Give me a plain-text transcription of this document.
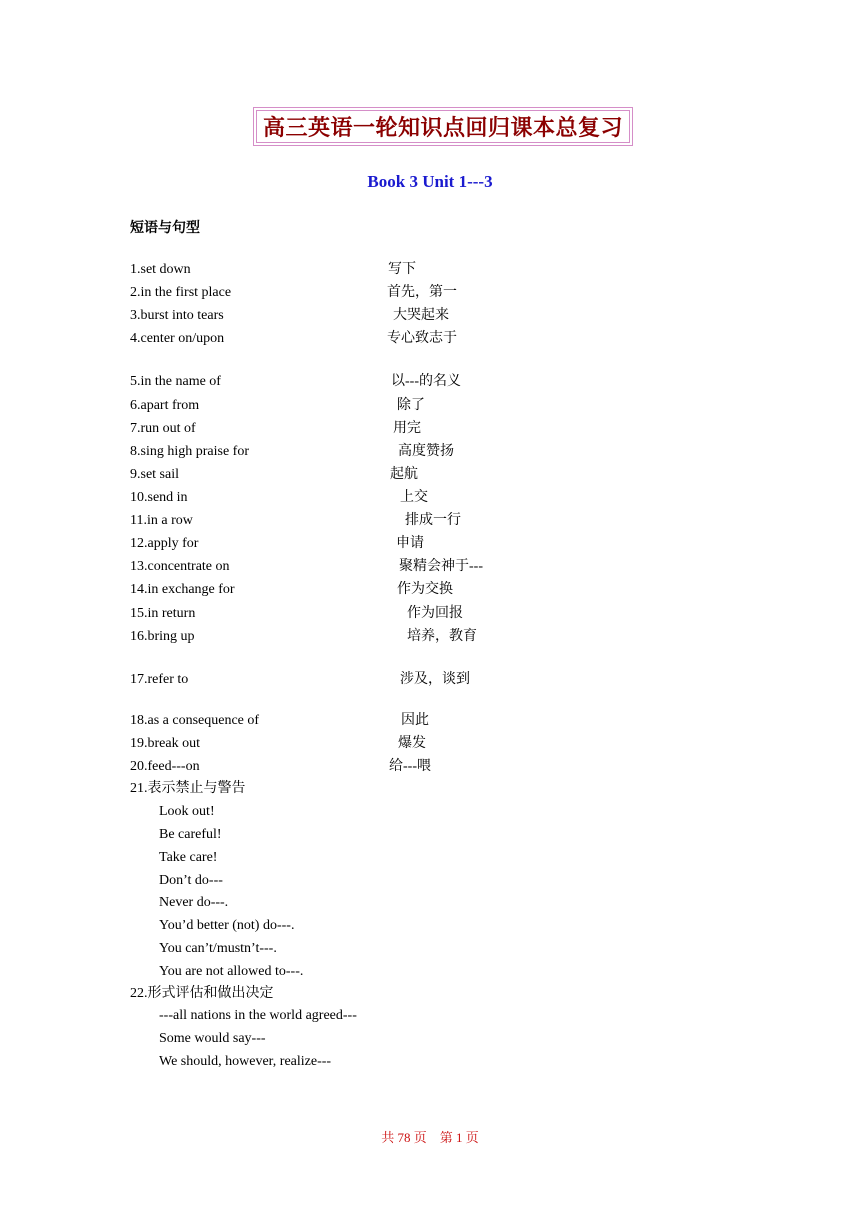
高三英语一轮知识点回归课本总复习
Book 3 Unit 1---3
短语与句型
1.set down	写下
2.in the first place	首先，第一
3.burst into tears	大哭起来
4.center on/upon	专心致志于
5.in the name of	以---的名义
6.apart from	除了
7.run out of	用完
8.sing high praise for	高度赞扬
9.set sail	起航
10.send in	上交
11.in a row	排成一行
12.apply for	申请
13.concentrate on	聚精会神于---
14.in exchange for	作为交换
15.in return	作为回报
16.bring up	培养，教育
17.refer to	涉及，谈到
18.as a consequence of	因此
19.break out	爆发
20.feed---on	给---喂
21.表示禁止与警告
Look out!
Be careful!
Take care!
Don’t do---
Never do---.
You’d better (not) do---.
You can’t/mustn’t---.
You are not allowed to---.
22.形式评估和做出决定
---all nations in the world agreed---
Some would say---
We should, however, realize---
共 78 页　第 1 页
